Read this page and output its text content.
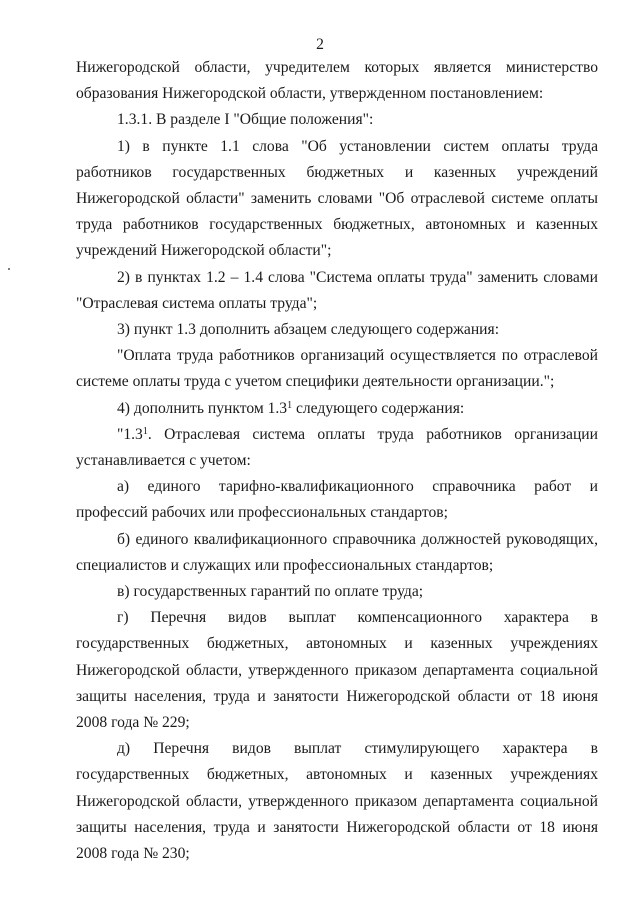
2

Нижегородской области, учредителем которых является министерство образования Нижегородской области, утвержденном постановлением:

1.3.1. В разделе I "Общие положения":

1) в пункте 1.1 слова "Об установлении систем оплаты труда работников государственных бюджетных и казенных учреждений Нижегородской области" заменить словами "Об отраслевой системе оплаты труда работников государственных бюджетных, автономных и казенных учреждений Нижегородской области";

2) в пунктах 1.2 – 1.4 слова "Система оплаты труда" заменить словами "Отраслевая система оплаты труда";

3) пункт 1.3 дополнить абзацем следующего содержания:

"Оплата труда работников организаций осуществляется по отраслевой системе оплаты труда с учетом специфики деятельности организации.";

4) дополнить пунктом $1.3^1$ следующего содержания:

"$1.3^1$. Отраслевая система оплаты труда работников организации устанавливается с учетом:

а) единого тарифно-квалификационного справочника работ и профессий рабочих или профессиональных стандартов;

б) единого квалификационного справочника должностей руководящих, специалистов и служащих или профессиональных стандартов;

в) государственных гарантий по оплате труда;

г) Перечня видов выплат компенсационного характера в государственных бюджетных, автономных и казенных учреждениях Нижегородской области, утвержденного приказом департамента социальной защиты населения, труда и занятости Нижегородской области от 18 июня 2008 года № 229;

д) Перечня видов выплат стимулирующего характера в государственных бюджетных, автономных и казенных учреждениях Нижегородской области, утвержденного приказом департамента социальной защиты населения, труда и занятости Нижегородской области от 18 июня 2008 года № 230;
